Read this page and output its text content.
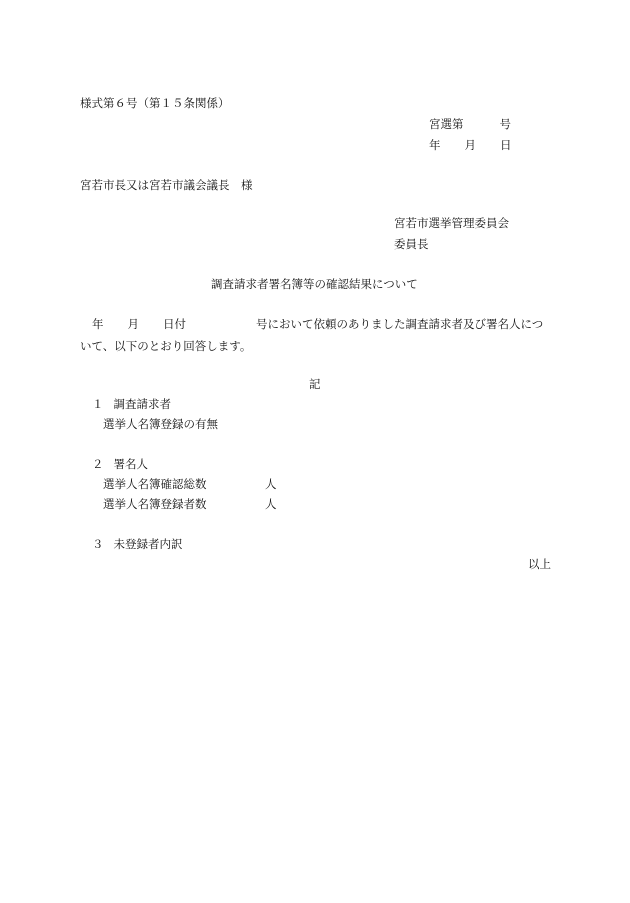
様式第６号（第１５条関係）
宮選第	号
年 月 日
宮若市長又は宮若市議会議長　様
宮若市選挙管理委員会
委員長
調査請求者署名簿等の確認結果について
年 月 日付	号において依頼のありました調査請求者及び署名人につ
いて、以下のとおり回答します。
記
１ 調査請求者
選挙人名簿登録の有無
２ 署名人
選挙人名簿確認総数	人
選挙人名簿登録者数	人
３ 未登録者内訳
以上
